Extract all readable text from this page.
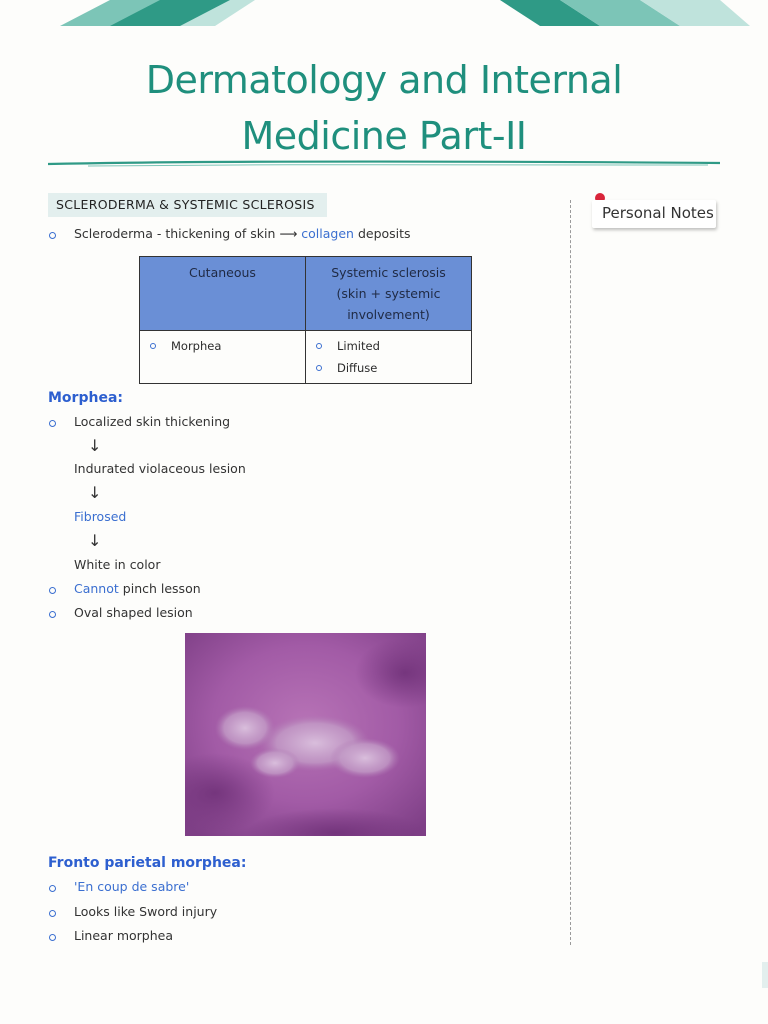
Dermatology and Internal
Medicine Part-II
Personal Notes
SCLERODERMA & SYSTEMIC SCLEROSIS
Scleroderma - thickening of skin ⟶ collagen deposits
Cutaneous	Systemic sclerosis
(skin + systemic
involvement)

Morphea	Limited
Diffuse
Morphea:
Localized skin thickening
↓
Indurated violaceous lesion
↓
Fibrosed
↓
White in color
Cannot pinch lesson
Oval shaped lesion
Fronto parietal morphea:
'En coup de sabre'
Looks like Sword injury
Linear morphea
